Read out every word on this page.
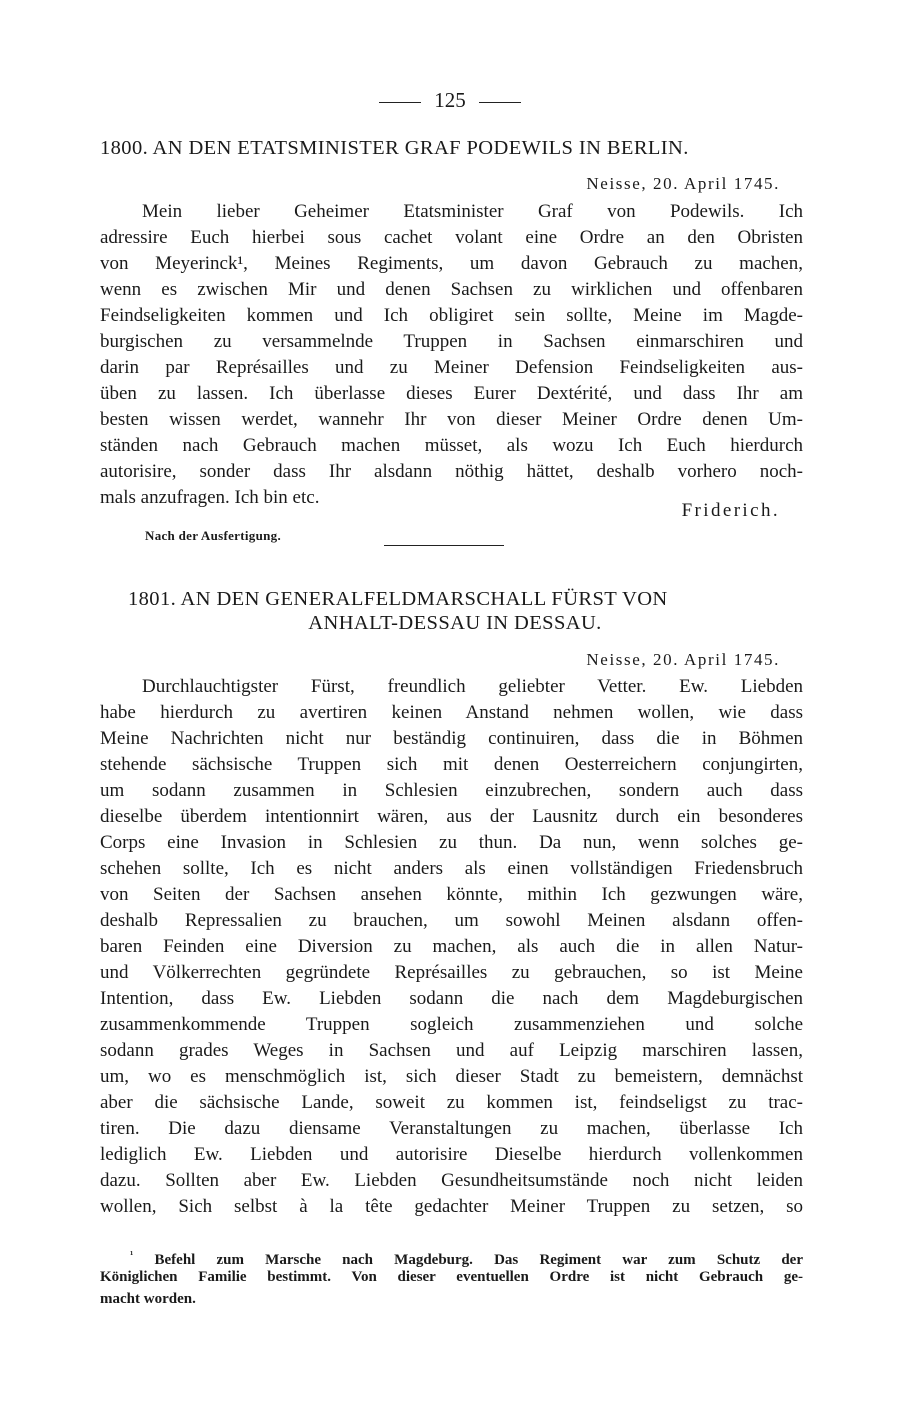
125
1800. AN DEN ETATSMINISTER GRAF PODEWILS IN BERLIN.
Neisse, 20. April 1745.
Mein lieber Geheimer Etatsminister Graf von Podewils. Ich
adressire Euch hierbei sous cachet volant eine Ordre an den Obristen
von Meyerinck¹, Meines Regiments, um davon Gebrauch zu machen,
wenn es zwischen Mir und denen Sachsen zu wirklichen und offenbaren
Feindseligkeiten kommen und Ich obligiret sein sollte, Meine im Magde-
burgischen zu versammelnde Truppen in Sachsen einmarschiren und
darin par Représailles und zu Meiner Defension Feindseligkeiten aus-
üben zu lassen. Ich überlasse dieses Eurer Dextérité, und dass Ihr am
besten wissen werdet, wannehr Ihr von dieser Meiner Ordre denen Um-
ständen nach Gebrauch machen müsset, als wozu Ich Euch hierdurch
autorisire, sonder dass Ihr alsdann nöthig hättet, deshalb vorhero noch-
mals anzufragen. Ich bin etc.
Friderich.
Nach der Ausfertigung.
1801. AN DEN GENERALFELDMARSCHALL FÜRST VON
ANHALT-DESSAU IN DESSAU.
Neisse, 20. April 1745.
Durchlauchtigster Fürst, freundlich geliebter Vetter. Ew. Liebden
habe hierdurch zu avertiren keinen Anstand nehmen wollen, wie dass
Meine Nachrichten nicht nur beständig continuiren, dass die in Böhmen
stehende sächsische Truppen sich mit denen Oesterreichern conjungirten,
um sodann zusammen in Schlesien einzubrechen, sondern auch dass
dieselbe überdem intentionnirt wären, aus der Lausnitz durch ein besonderes
Corps eine Invasion in Schlesien zu thun. Da nun, wenn solches ge-
schehen sollte, Ich es nicht anders als einen vollständigen Friedensbruch
von Seiten der Sachsen ansehen könnte, mithin Ich gezwungen wäre,
deshalb Repressalien zu brauchen, um sowohl Meinen alsdann offen-
baren Feinden eine Diversion zu machen, als auch die in allen Natur-
und Völkerrechten gegründete Représailles zu gebrauchen, so ist Meine
Intention, dass Ew. Liebden sodann die nach dem Magdeburgischen
zusammenkommende Truppen sogleich zusammenziehen und solche
sodann grades Weges in Sachsen und auf Leipzig marschiren lassen,
um, wo es menschmöglich ist, sich dieser Stadt zu bemeistern, demnächst
aber die sächsische Lande, soweit zu kommen ist, feindseligst zu trac-
tiren. Die dazu diensame Veranstaltungen zu machen, überlasse Ich
lediglich Ew. Liebden und autorisire Dieselbe hierdurch vollenkommen
dazu. Sollten aber Ew. Liebden Gesundheitsumstände noch nicht leiden
wollen, Sich selbst à la tête gedachter Meiner Truppen zu setzen, so
$^{^1}$ Befehl zum Marsche nach Magdeburg. Das Regiment war zum Schutz der
Königlichen Familie bestimmt. Von dieser eventuellen Ordre ist nicht Gebrauch ge-
macht worden.
